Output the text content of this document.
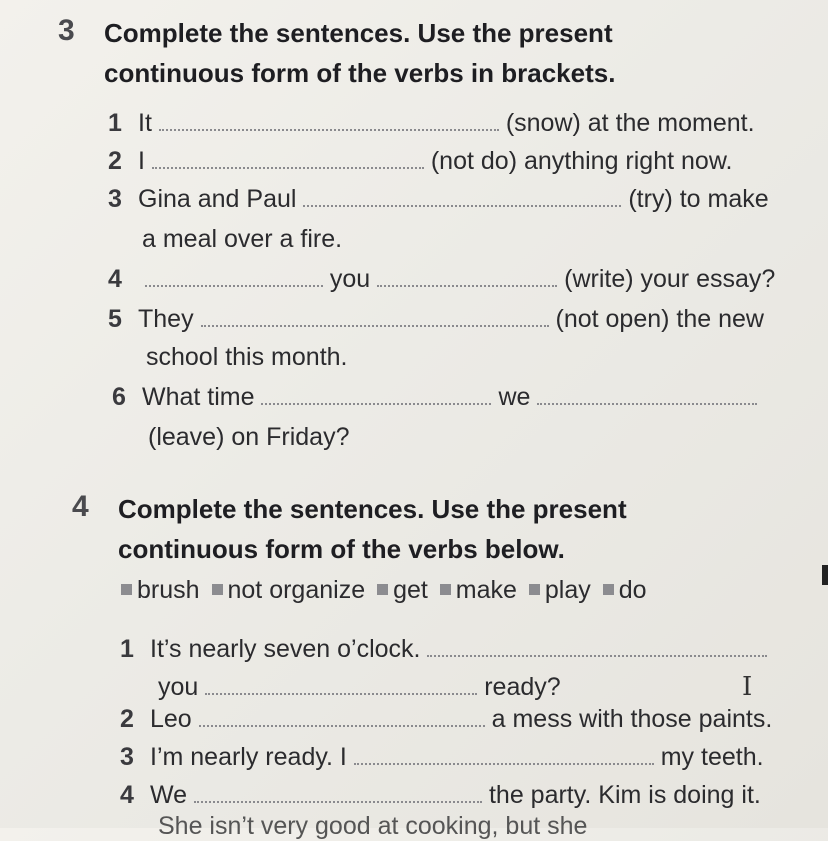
3 Complete the sentences. Use the present
continuous form of the verbs in brackets.
1 It	(snow) at the moment.
2 I	(not do) anything right now.
3 Gina and Paul	(try) to make
a meal over a fire.
4	you	(write) your essay?
5 They	(not open) the new
school this month.
6 What time	we
(leave) on Friday?
4 Complete the sentences. Use the present
continuous form of the verbs below.
brush not organize get make play do
1 It’s nearly seven o’clock.
you	ready?
2 Leo	a mess with those paints.
3 I’m nearly ready. I	my teeth.
4 We	the party. Kim is doing it.
She isn’t very good at cooking, but she
I
